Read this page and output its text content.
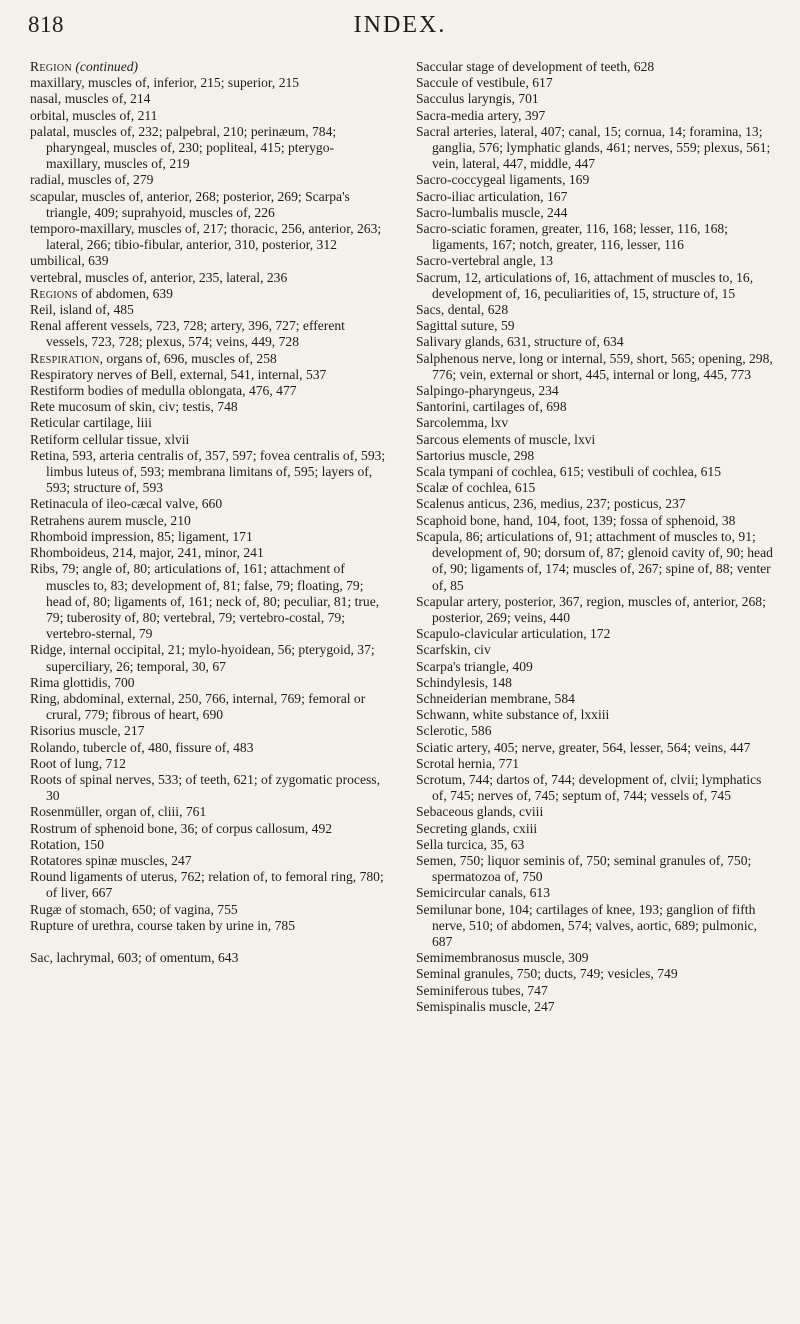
818	INDEX.

Region (continued)

maxillary, muscles of, inferior, 215; superior, 215

nasal, muscles of, 214

orbital, muscles of, 211

palatal, muscles of, 232; palpebral, 210; perinæum, 784; pharyngeal, muscles of, 230; popliteal, 415; pterygo-maxillary, muscles of, 219

radial, muscles of, 279

scapular, muscles of, anterior, 268; posterior, 269; Scarpa's triangle, 409; suprahyoid, muscles of, 226

temporo-maxillary, muscles of, 217; thoracic, 256, anterior, 263; lateral, 266; tibio-fibular, anterior, 310, posterior, 312

umbilical, 639

vertebral, muscles of, anterior, 235, lateral, 236

Regions of abdomen, 639

Reil, island of, 485

Renal afferent vessels, 723, 728; artery, 396, 727; efferent vessels, 723, 728; plexus, 574; veins, 449, 728

Respiration, organs of, 696, muscles of, 258

Respiratory nerves of Bell, external, 541, internal, 537

Restiform bodies of medulla oblongata, 476, 477

Rete mucosum of skin, civ; testis, 748

Reticular cartilage, liii

Retiform cellular tissue, xlvii

Retina, 593, arteria centralis of, 357, 597; fovea centralis of, 593; limbus luteus of, 593; membrana limitans of, 595; layers of, 593; structure of, 593

Retinacula of ileo-cæcal valve, 660

Retrahens aurem muscle, 210

Rhomboid impression, 85; ligament, 171

Rhomboideus, 214, major, 241, minor, 241

Ribs, 79; angle of, 80; articulations of, 161; attachment of muscles to, 83; development of, 81; false, 79; floating, 79; head of, 80; ligaments of, 161; neck of, 80; peculiar, 81; true, 79; tuberosity of, 80; vertebral, 79; vertebro-costal, 79; vertebro-sternal, 79

Ridge, internal occipital, 21; mylo-hyoidean, 56; pterygoid, 37; superciliary, 26; temporal, 30, 67

Rima glottidis, 700

Ring, abdominal, external, 250, 766, internal, 769; femoral or crural, 779; fibrous of heart, 690

Risorius muscle, 217

Rolando, tubercle of, 480, fissure of, 483

Root of lung, 712

Roots of spinal nerves, 533; of teeth, 621; of zygomatic process, 30

Rosenmüller, organ of, cliii, 761

Rostrum of sphenoid bone, 36; of corpus callosum, 492

Rotation, 150

Rotatores spinæ muscles, 247

Round ligaments of uterus, 762; relation of, to femoral ring, 780; of liver, 667

Rugæ of stomach, 650; of vagina, 755

Rupture of urethra, course taken by urine in, 785

Sac, lachrymal, 603; of omentum, 643

Saccular stage of development of teeth, 628

Saccule of vestibule, 617

Sacculus laryngis, 701

Sacra-media artery, 397

Sacral arteries, lateral, 407; canal, 15; cornua, 14; foramina, 13; ganglia, 576; lymphatic glands, 461; nerves, 559; plexus, 561; vein, lateral, 447, middle, 447

Sacro-coccygeal ligaments, 169

Sacro-iliac articulation, 167

Sacro-lumbalis muscle, 244

Sacro-sciatic foramen, greater, 116, 168; lesser, 116, 168; ligaments, 167; notch, greater, 116, lesser, 116

Sacro-vertebral angle, 13

Sacrum, 12, articulations of, 16, attachment of muscles to, 16, development of, 16, peculiarities of, 15, structure of, 15

Sacs, dental, 628

Sagittal suture, 59

Salivary glands, 631, structure of, 634

Salphenous nerve, long or internal, 559, short, 565; opening, 298, 776; vein, external or short, 445, internal or long, 445, 773

Salpingo-pharyngeus, 234

Santorini, cartilages of, 698

Sarcolemma, lxv

Sarcous elements of muscle, lxvi

Sartorius muscle, 298

Scala tympani of cochlea, 615; vestibuli of cochlea, 615

Scalæ of cochlea, 615

Scalenus anticus, 236, medius, 237; posticus, 237

Scaphoid bone, hand, 104, foot, 139; fossa of sphenoid, 38

Scapula, 86; articulations of, 91; attachment of muscles to, 91; development of, 90; dorsum of, 87; glenoid cavity of, 90; head of, 90; ligaments of, 174; muscles of, 267; spine of, 88; venter of, 85

Scapular artery, posterior, 367, region, muscles of, anterior, 268; posterior, 269; veins, 440

Scapulo-clavicular articulation, 172

Scarfskin, civ

Scarpa's triangle, 409

Schindylesis, 148

Schneiderian membrane, 584

Schwann, white substance of, lxxiii

Sclerotic, 586

Sciatic artery, 405; nerve, greater, 564, lesser, 564; veins, 447

Scrotal hernia, 771

Scrotum, 744; dartos of, 744; development of, clvii; lymphatics of, 745; nerves of, 745; septum of, 744; vessels of, 745

Sebaceous glands, cviii

Secreting glands, cxiii

Sella turcica, 35, 63

Semen, 750; liquor seminis of, 750; seminal granules of, 750; spermatozoa of, 750

Semicircular canals, 613

Semilunar bone, 104; cartilages of knee, 193; ganglion of fifth nerve, 510; of abdomen, 574; valves, aortic, 689; pulmonic, 687

Semimembranosus muscle, 309

Seminal granules, 750; ducts, 749; vesicles, 749

Seminiferous tubes, 747

Semispinalis muscle, 247
